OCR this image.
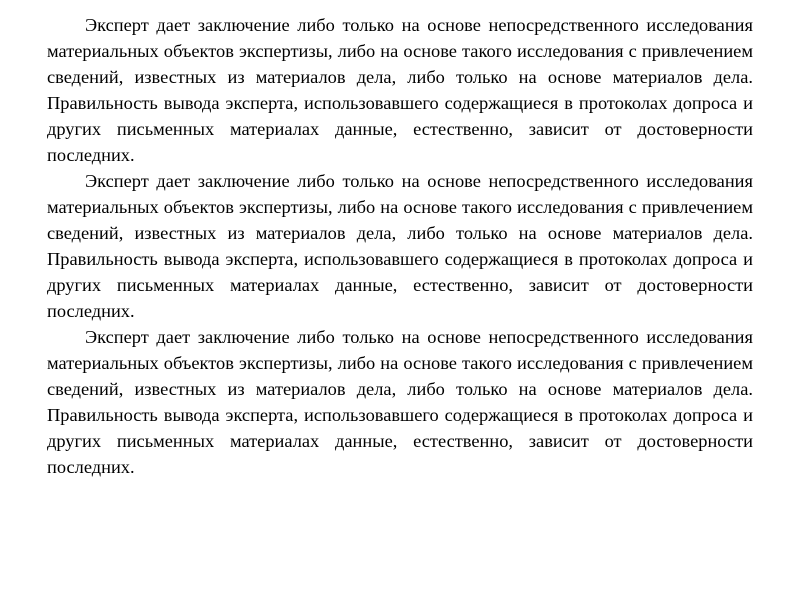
Эксперт дает заключение либо только на основе непосредственного исследования материальных объектов экспертизы, либо на основе такого исследования с привлечением сведений, известных из материалов дела, либо только на основе материалов дела. Правильность вывода эксперта, использовавшего содержащиеся в протоколах допроса и других письменных материалах данные, естественно, зависит от достоверности последних.

Эксперт дает заключение либо только на основе непосредственного исследования материальных объектов экспертизы, либо на основе такого исследования с привлечением сведений, известных из материалов дела, либо только на основе материалов дела. Правильность вывода эксперта, использовавшего содержащиеся в протоколах допроса и других письменных материалах данные, естественно, зависит от достоверности последних.

Эксперт дает заключение либо только на основе непосредственного исследования материальных объектов экспертизы, либо на основе такого исследования с привлечением сведений, известных из материалов дела, либо только на основе материалов дела. Правильность вывода эксперта, использовавшего содержащиеся в протоколах допроса и других письменных материалах данные, естественно, зависит от достоверности последних.
